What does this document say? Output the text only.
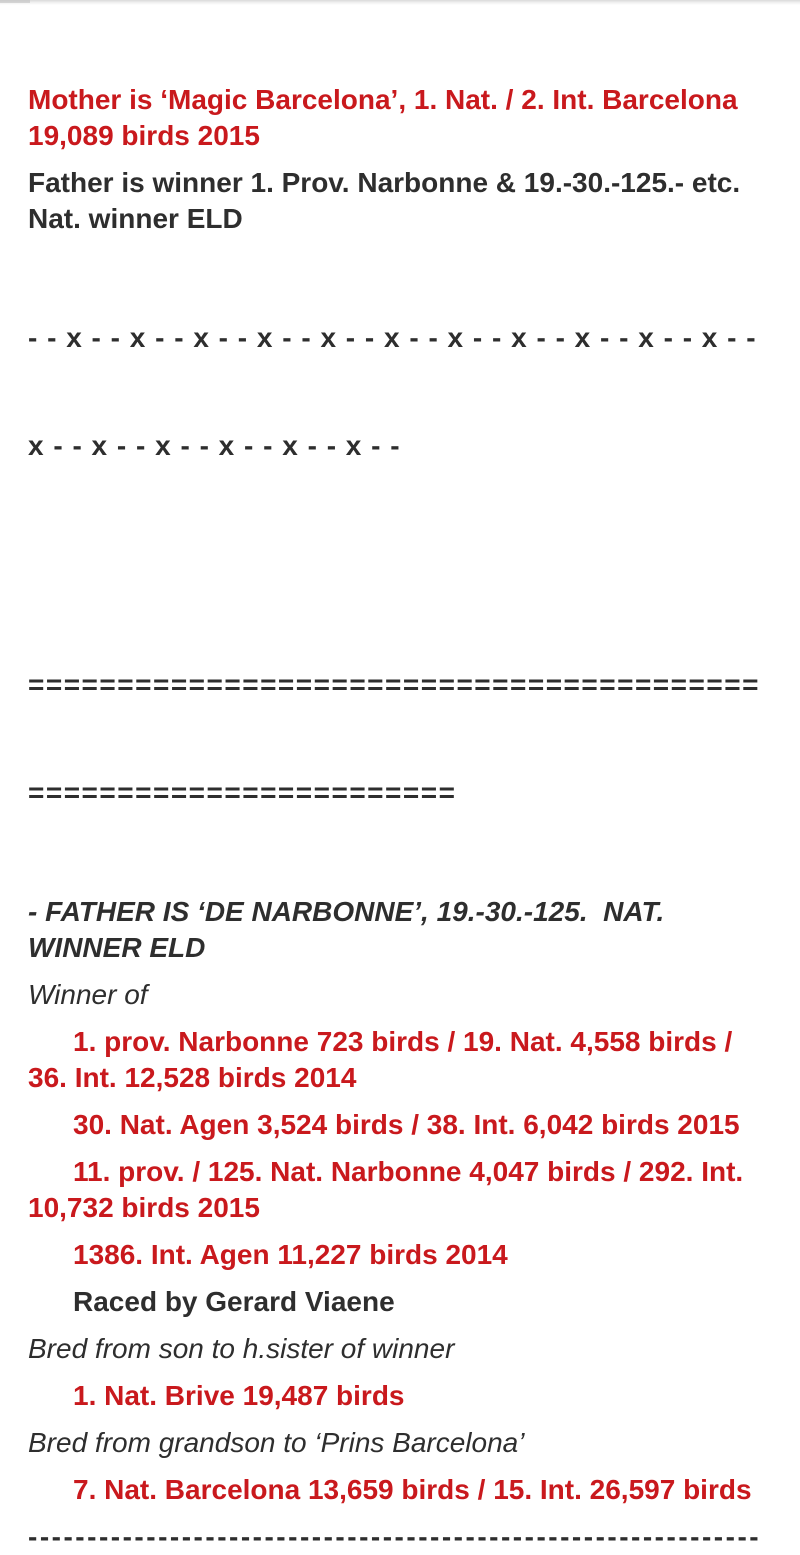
Mother is ‘Magic Barcelona’, 1. Nat. / 2. Int. Barcelona 19,089 birds 2015

Father is winner 1. Prov. Narbonne & 19.-30.-125.- etc. Nat. winner ELD

- - x - - x - - x - - x - - x - - x - - x - - x - - x - - x - - x - -

x - - x - - x - - x - - x - - x - -

=========================================

========================

- FATHER IS ‘DE NARBONNE’, 19.-30.-125.  NAT. WINNER ELD

Winner of

1. prov. Narbonne 723 birds / 19. Nat. 4,558 birds / 36. Int. 12,528 birds 2014

30. Nat. Agen 3,524 birds / 38. Int. 6,042 birds 2015

11. prov. / 125. Nat. Narbonne 4,047 birds / 292. Int. 10,732 birds 2015

1386. Int. Agen 11,227 birds 2014

Raced by Gerard Viaene

Bred from son to h.sister of winner

1. Nat. Brive 19,487 birds

Bred from grandson to ‘Prins Barcelona’

7. Nat. Barcelona 13,659 birds / 15. Int. 26,597 birds

--------------------------------------------------------------
